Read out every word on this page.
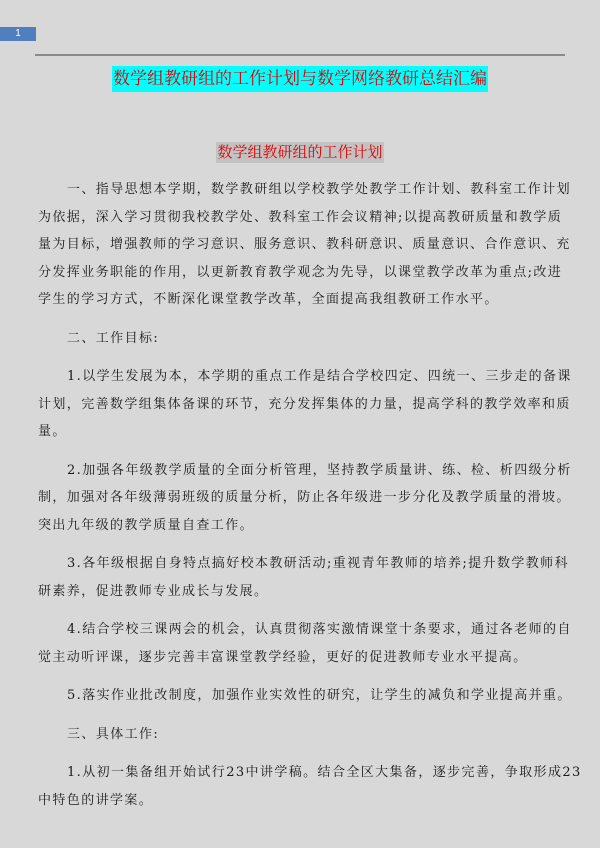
1
数学组教研组的工作计划与数学网络教研总结汇编
数学组教研组的工作计划
一、指导思想本学期，数学教研组以学校教学处教学工作计划、教科室工作计划
为依据，深入学习贯彻我校教学处、教科室工作会议精神;以提高教研质量和教学质
量为目标，增强教师的学习意识、服务意识、教科研意识、质量意识、合作意识、充
分发挥业务职能的作用，以更新教育教学观念为先导，以课堂教学改革为重点;改进
学生的学习方式，不断深化课堂教学改革，全面提高我组教研工作水平。
二、工作目标:
1.以学生发展为本，本学期的重点工作是结合学校四定、四统一、三步走的备课
计划，完善数学组集体备课的环节，充分发挥集体的力量，提高学科的教学效率和质
量。
2.加强各年级教学质量的全面分析管理，坚持教学质量讲、练、检、析四级分析
制，加强对各年级薄弱班级的质量分析，防止各年级进一步分化及教学质量的滑坡。
突出九年级的教学质量自查工作。
3.各年级根据自身特点搞好校本教研活动;重视青年教师的培养;提升数学教师科
研素养，促进教师专业成长与发展。
4.结合学校三课两会的机会，认真贯彻落实激情课堂十条要求，通过各老师的自
觉主动听评课，逐步完善丰富课堂教学经验，更好的促进教师专业水平提高。
5.落实作业批改制度，加强作业实效性的研究，让学生的减负和学业提高并重。
三、具体工作:
1.从初一集备组开始试行23中讲学稿。结合全区大集备，逐步完善，争取形成23
中特色的讲学案。
